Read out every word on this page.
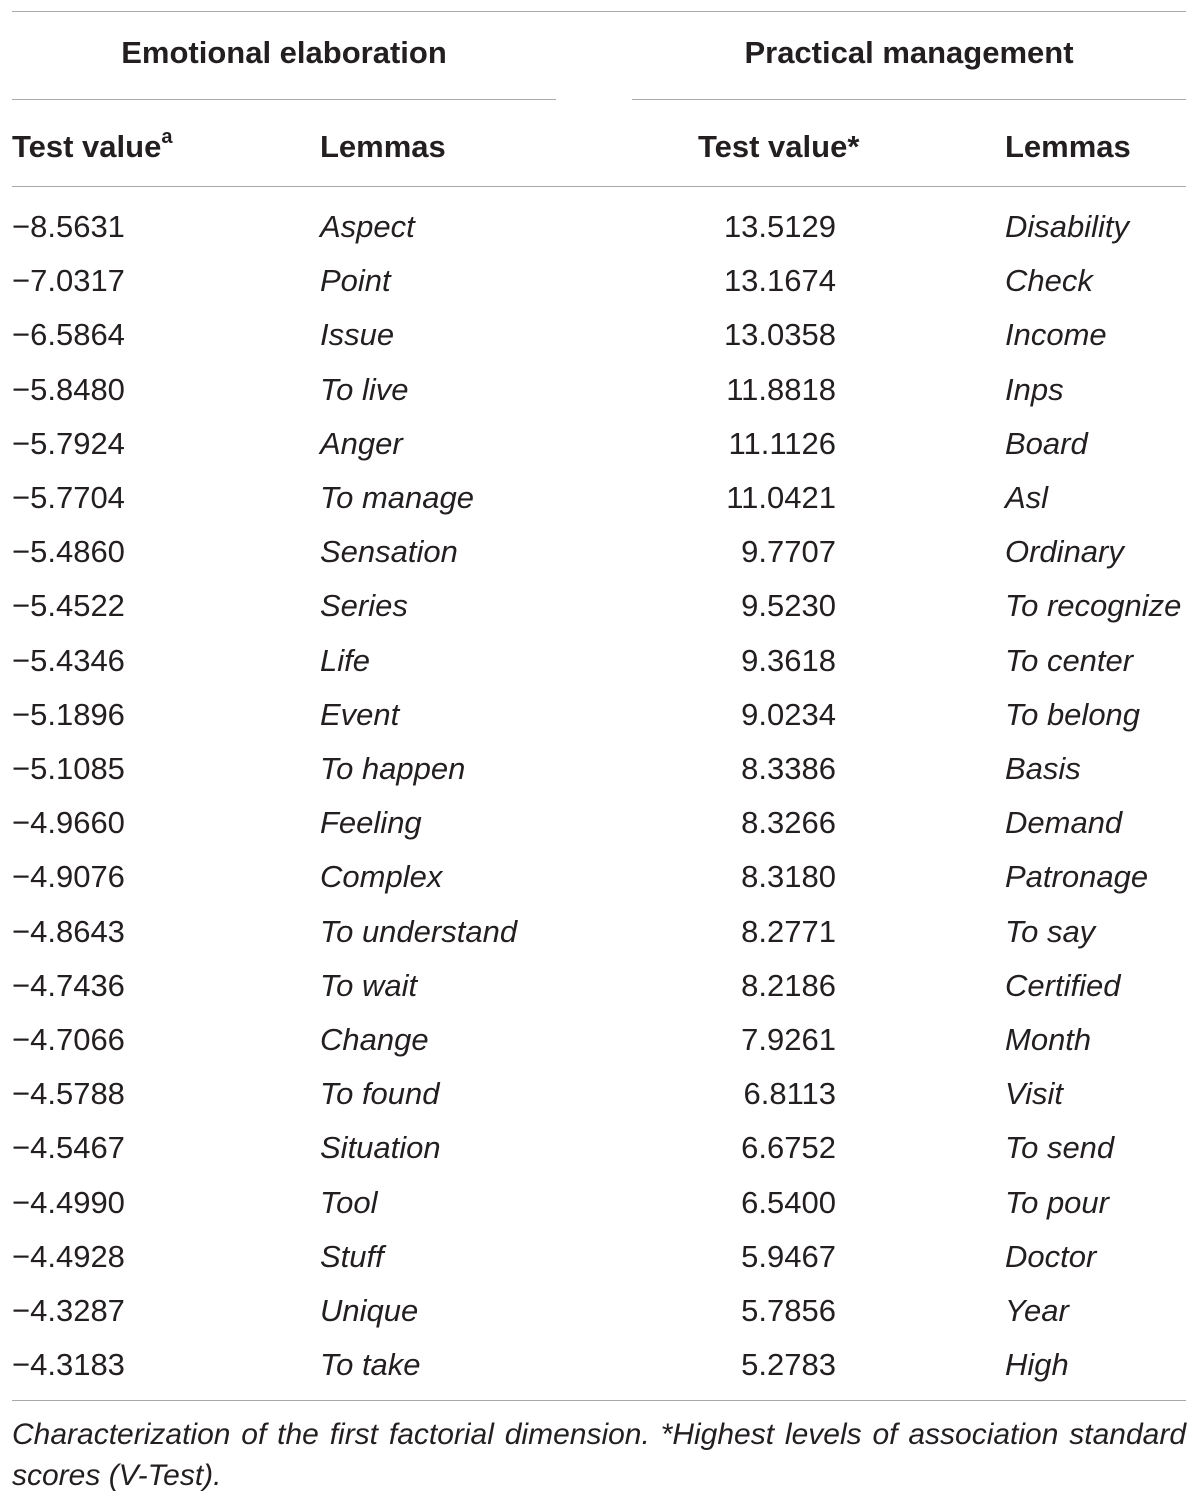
Emotional elaboration	Practical management
Test value$^a$	Lemmas	Test value*	Lemmas
−8.5631	Aspect	13.5129	Disability
−7.0317	Point	13.1674	Check
−6.5864	Issue	13.0358	Income
−5.8480	To live	11.8818	Inps
−5.7924	Anger	11.1126	Board
−5.7704	To manage	11.0421	Asl
−5.4860	Sensation	9.7707	Ordinary
−5.4522	Series	9.5230	To recognize
−5.4346	Life	9.3618	To center
−5.1896	Event	9.0234	To belong
−5.1085	To happen	8.3386	Basis
−4.9660	Feeling	8.3266	Demand
−4.9076	Complex	8.3180	Patronage
−4.8643	To understand	8.2771	To say
−4.7436	To wait	8.2186	Certified
−4.7066	Change	7.9261	Month
−4.5788	To found	6.8113	Visit
−4.5467	Situation	6.6752	To send
−4.4990	Tool	6.5400	To pour
−4.4928	Stuff	5.9467	Doctor
−4.3287	Unique	5.7856	Year
−4.3183	To take	5.2783	High
Characterization of the first factorial dimension. *Highest levels of association standard scores (V-Test).
